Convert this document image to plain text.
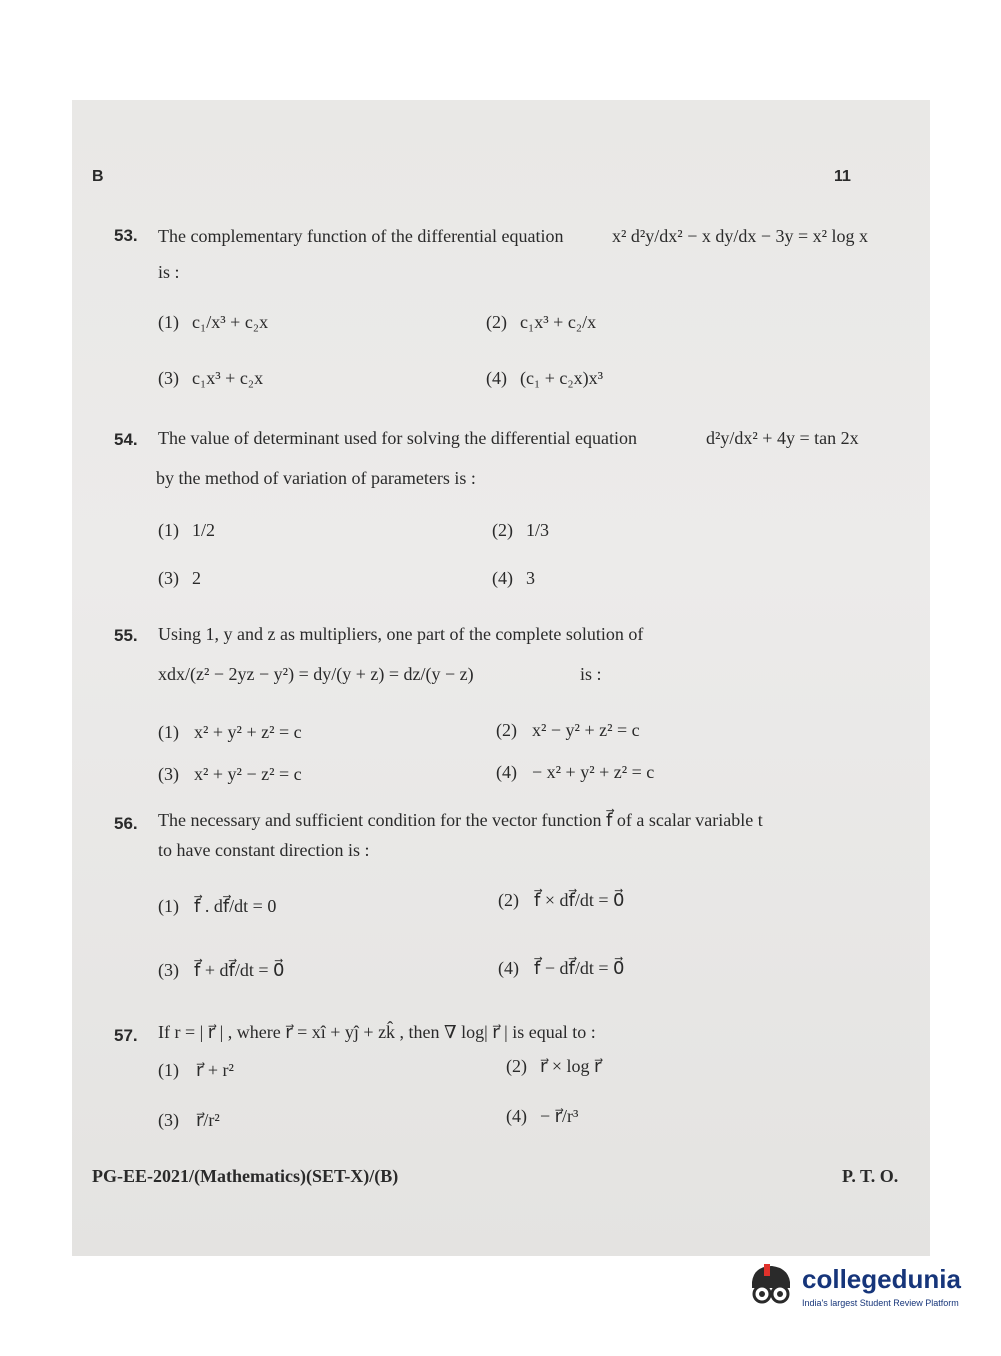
B	11
53. The complementary function of the differential equation	x² d²y/dx² − x dy/dx − 3y = x² log x
is :
(1) c₁/x³ + c₂x	(2) c₁x³ + c₂/x
(3) c₁x³ + c₂x	(4) (c₁ + c₂x)x³
54. The value of determinant used for solving the differential equation	d²y/dx² + 4y = tan 2x
by the method of variation of parameters is :
(1) 1/2	(2) 1/3
(3) 2	(4) 3
55. Using 1, y and z as multipliers, one part of the complete solution of
xdx/(z² − 2yz − y²) = dy/(y + z) = dz/(y − z)	is :
(1) x² + y² + z² = c	(2) x² − y² + z² = c
(3) x² + y² − z² = c	(4) − x² + y² + z² = c
56. The necessary and sufficient condition for the vector function f⃗ of a scalar variable t
to have constant direction is :
(1) f⃗ . df⃗/dt = 0	(2) f⃗ × df⃗/dt = 0⃗
(3) f⃗ + df⃗/dt = 0⃗	(4) f⃗ − df⃗/dt = 0⃗
57. If r = | r⃗ | , where r⃗ = xî + yĵ + zk̂ , then ∇ log| r⃗ | is equal to :
(1) r⃗ + r²	(2) r⃗ × log r⃗
(3) r⃗/r²	(4) − r⃗/r³
PG-EE-2021/(Mathematics)(SET-X)/(B)	P. T. O.
collegedunia
India's largest Student Review Platform
